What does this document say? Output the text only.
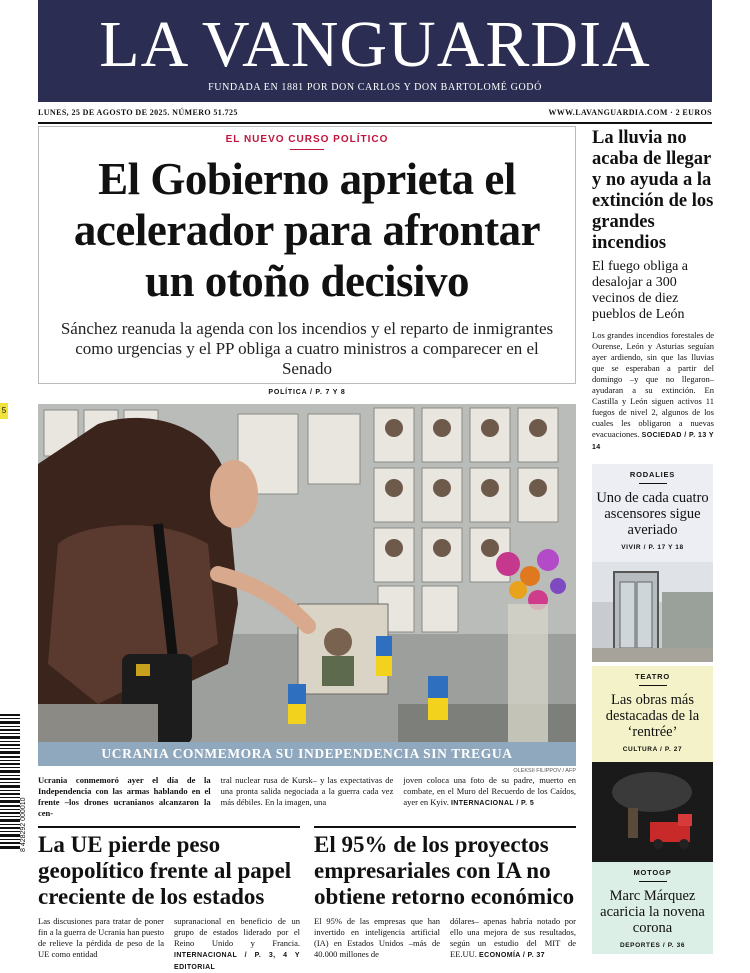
LA VANGUARDIA
FUNDADA EN 1881 POR DON CARLOS Y DON BARTOLOMÉ GODÓ
LUNES, 25 DE AGOSTO DE 2025. NÚMERO 51.725	WWW.LAVANGUARDIA.COM · 2 EUROS
EL NUEVO CURSO POLÍTICO
El Gobierno aprieta el acelerador para afrontar un otoño decisivo
Sánchez reanuda la agenda con los incendios y el reparto de inmigrantes como urgencias y el PP obliga a cuatro ministros a comparecer en el Senado
POLÍTICA / P. 7 Y 8
La lluvia no acaba de llegar y no ayuda a la extinción de los grandes incendios
El fuego obliga a desalojar a 300 vecinos de diez pueblos de León
Los grandes incendios forestales de Ourense, León y Asturias seguían ayer ardiendo, sin que las lluvias que se esperaban a partir del domingo –y que no llegaron– ayudaran a su extinción. En Castilla y León siguen activos 11 fuegos de nivel 2, algunos de los cuales les obligaron a nuevas evacuaciones. SOCIEDAD / P. 13 Y 14
5
8 428292 000010
UCRANIA CONMEMORA SU INDEPENDENCIA SIN TREGUA
OLEKSII FILIPPOV / AFP
Ucrania conmemoró ayer el día de la Independencia con las armas hablando en el frente –los drones ucranianos alcanzaron la cen-
tral nuclear rusa de Kursk– y las expectativas de una pronta salida negociada a la guerra cada vez más débiles. En la imagen, una
joven coloca una foto de su padre, muerto en combate, en el Muro del Recuerdo de los Caídos, ayer en Kyiv. INTERNACIONAL / P. 5
La UE pierde peso geopolítico frente al papel creciente de los estados
Las discusiones para tratar de poner fin a la guerra de Ucrania han puesto de relieve la pérdida de peso de la UE como entidad
supranacional en beneficio de un grupo de estados liderado por el Reino Unido y Francia. INTERNACIONAL / P. 3, 4 Y EDITORIAL
El 95% de los proyectos empresariales con IA no obtiene retorno económico
El 95% de las empresas que han invertido en inteligencia artificial (IA) en Estados Unidos –más de 40.000 millones de
dólares– apenas habría notado por ello una mejora de sus resultados, según un estudio del MIT de EE.UU. ECONOMÍA / P. 37
RODALIES
Uno de cada cuatro ascensores sigue averiado
VIVIR / P. 17 Y 18
TEATRO
Las obras más destacadas de la ‘rentrée’
CULTURA / P. 27
MOTOGP
Marc Márquez acaricia la novena corona
DEPORTES / P. 36
